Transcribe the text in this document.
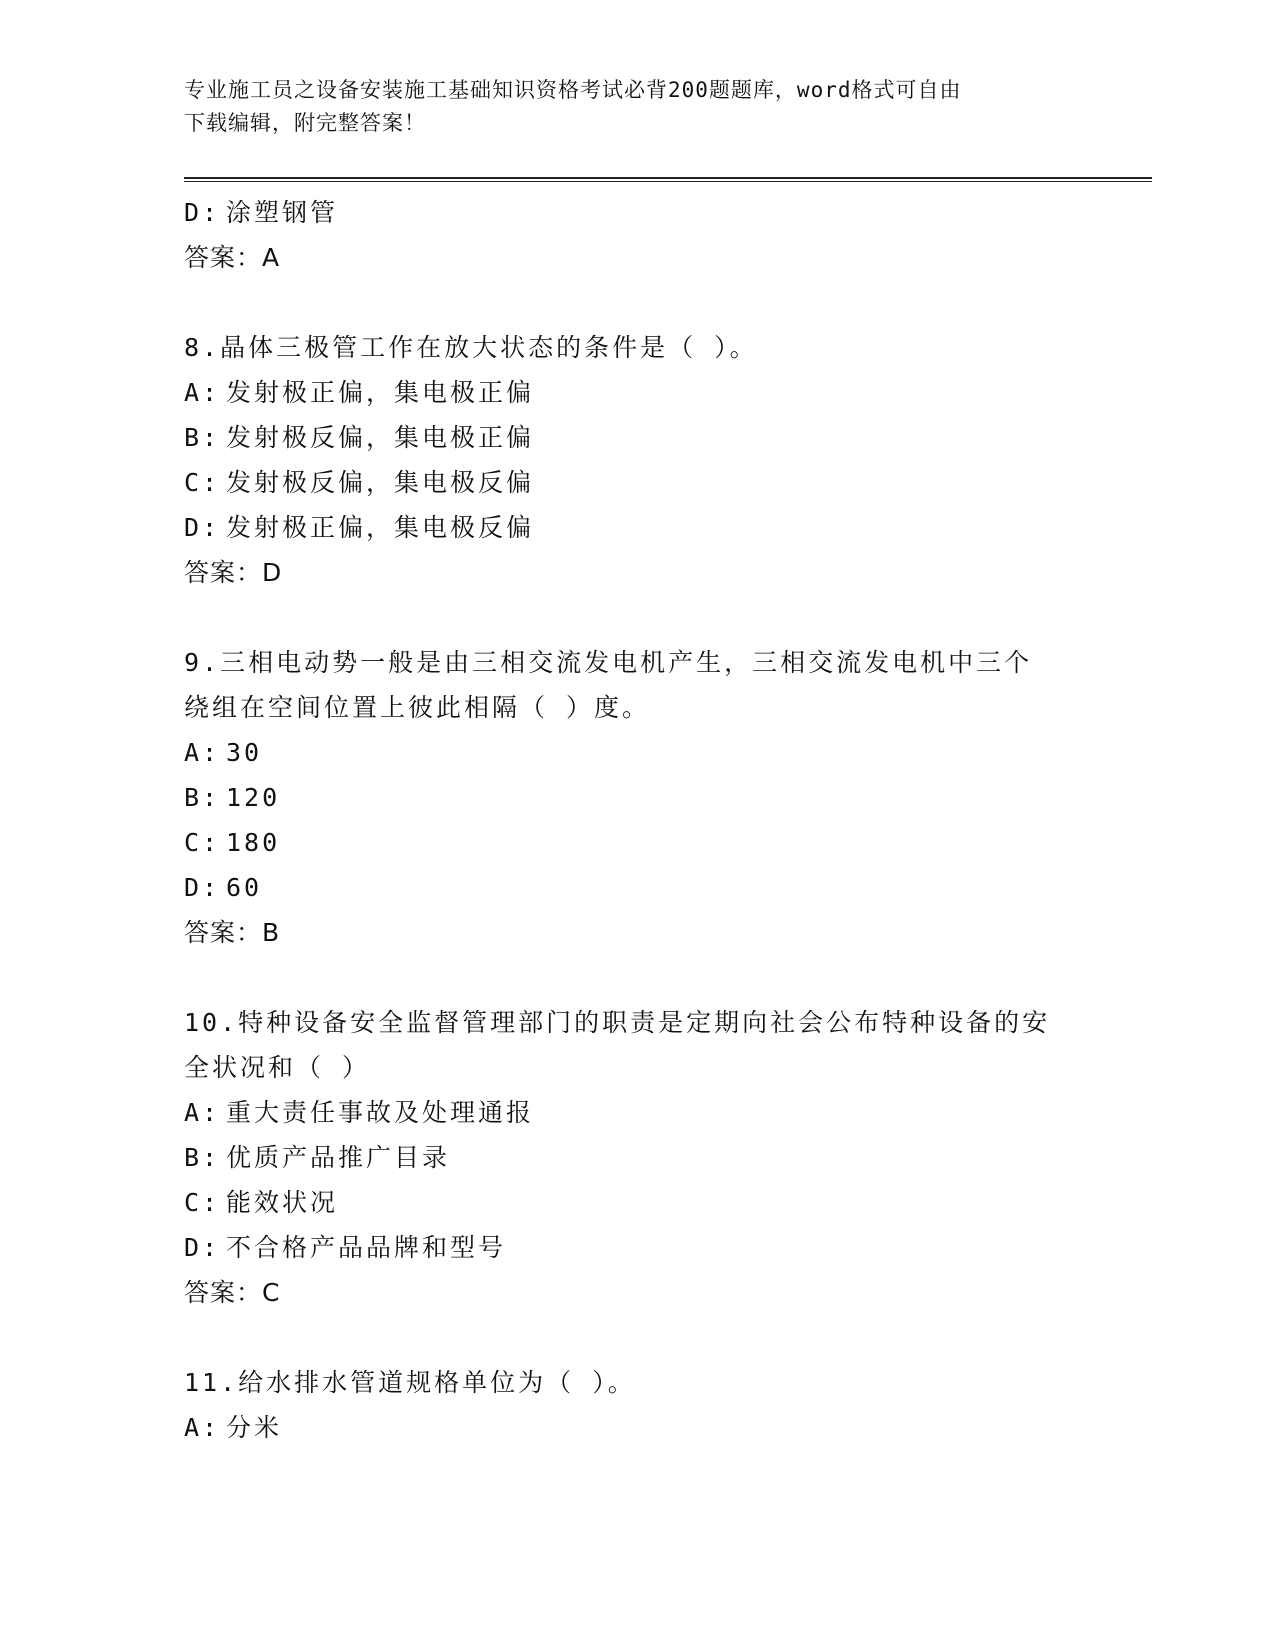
专业施工员之设备安装施工基础知识资格考试必背200题题库，word格式可自由
下载编辑，附完整答案！
D: 涂塑钢管
答案：A
8.晶体三极管工作在放大状态的条件是（ ）。
A: 发射极正偏，集电极正偏
B: 发射极反偏，集电极正偏
C: 发射极反偏，集电极反偏
D: 发射极正偏，集电极反偏
答案：D
9.三相电动势一般是由三相交流发电机产生，三相交流发电机中三个
绕组在空间位置上彼此相隔（ ）度。
A: 30
B: 120
C: 180
D: 60
答案：B
10.特种设备安全监督管理部门的职责是定期向社会公布特种设备的安
全状况和（ ）
A: 重大责任事故及处理通报
B: 优质产品推广目录
C: 能效状况
D: 不合格产品品牌和型号
答案：C
11.给水排水管道规格单位为（ ）。
A: 分米
